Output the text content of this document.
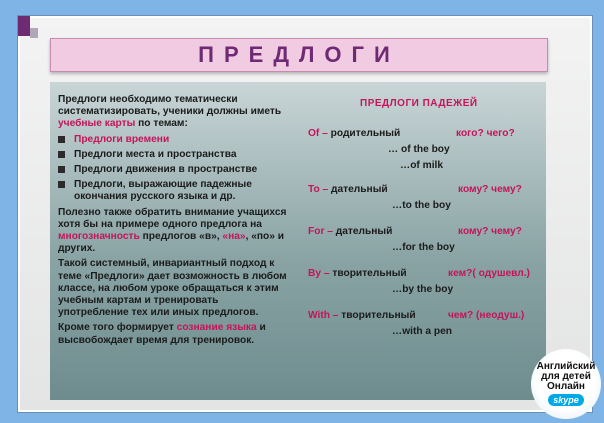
ПРЕДЛОГИ

Предлоги необходимо тематически систематизировать, ученики должны иметь учебные карты по темам:

Предлоги времени
Предлоги места и пространства
Предлоги движения в пространстве
Предлоги, выражающие падежные окончания русского языка и др.

Полезно также обратить внимание учащихся хотя бы на примере одного предлога на многозначность предлогов «в», «на», «по» и других.

Такой системный, инвариантный подход к теме «Предлоги» дает возможность в любом классе, на любом уроке обращаться к этим учебным картам и тренировать употребление тех или иных предлогов.

Кроме того формирует сознание языка и высвобождает время для тренировок.

ПРЕДЛОГИ ПАДЕЖЕЙ
Of – родительный	кого? чего?
… of the boy
…of milk
To – дательный	кому? чему?
…to the boy
For – дательный	кому? чему?
…for the boy
By – творительный	кем?( одушевл.)
…by the boy
With – творительный	чем? (неодуш.)
…with a pen
Английский
для детей
Онлайн
skype
